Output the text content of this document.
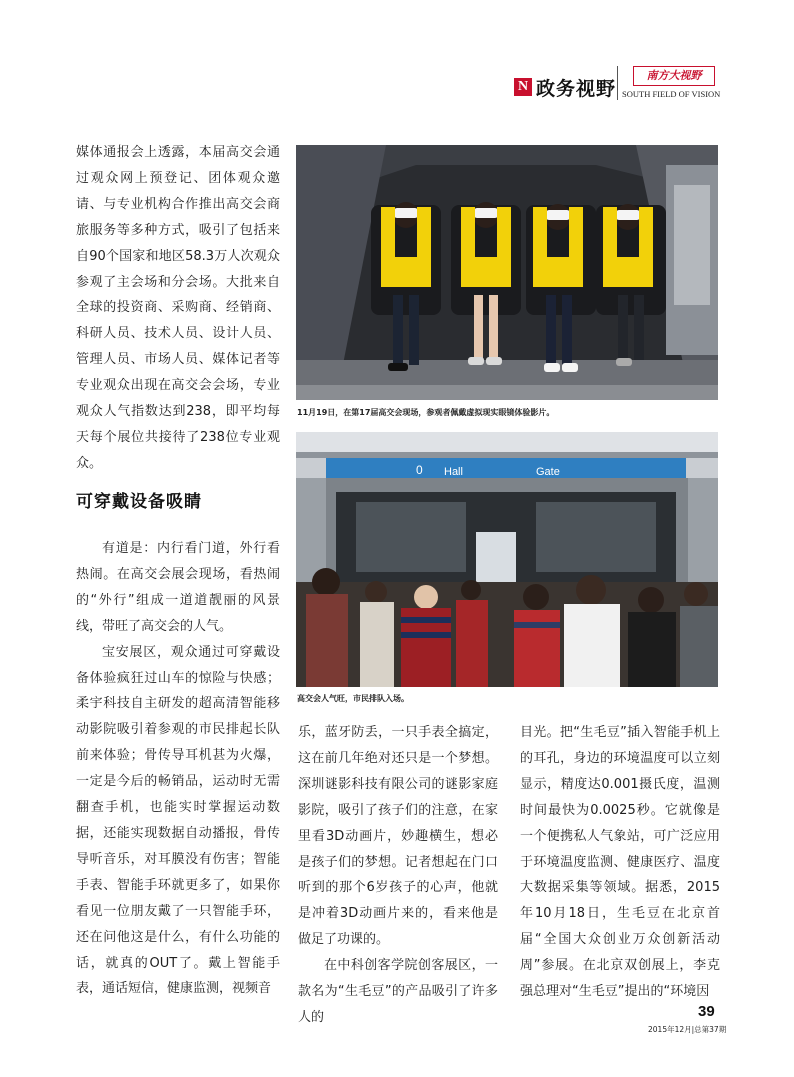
N 政务视野
南方大视野
SOUTH FIELD OF VISION

媒体通报会上透露，本届高交会通过观众网上预登记、团体观众邀请、与专业机构合作推出高交会商旅服务等多种方式，吸引了包括来自90个国家和地区58.3万人次观众参观了主会场和分会场。大批来自全球的投资商、采购商、经销商、科研人员、技术人员、设计人员、管理人员、市场人员、媒体记者等专业观众出现在高交会会场，专业观众人气指数达到238，即平均每天每个展位共接待了238位专业观众。

可穿戴设备吸睛

有道是：内行看门道，外行看热闹。在高交会展会现场，看热闹的“外行”组成一道道靓丽的风景线，带旺了高交会的人气。

宝安展区，观众通过可穿戴设备体验疯狂过山车的惊险与快感；柔宇科技自主研发的超高清智能移动影院吸引着参观的市民排起长队前来体验；骨传导耳机甚为火爆，一定是今后的畅销品，运动时无需翻查手机，也能实时掌握运动数据，还能实现数据自动播报，骨传导听音乐，对耳膜没有伤害；智能手表、智能手环就更多了，如果你看见一位朋友戴了一只智能手环，还在问他这是什么，有什么功能的话，就真的OUT了。戴上智能手表，通话短信，健康监测，视频音

11月19日，在第17届高交会现场，参观者佩戴虚拟现实眼镜体验影片。
0 Hall	Gate
高交会人气旺，市民排队入场。

乐，蓝牙防丢，一只手表全搞定，这在前几年绝对还只是一个梦想。深圳谜影科技有限公司的谜影家庭影院，吸引了孩子们的注意，在家里看3D动画片，妙趣横生，想必是孩子们的梦想。记者想起在门口听到的那个6岁孩子的心声，他就是冲着3D动画片来的，看来他是做足了功课的。

在中科创客学院创客展区，一款名为“生毛豆”的产品吸引了许多人的

目光。把“生毛豆”插入智能手机上的耳孔，身边的环境温度可以立刻显示，精度达0.001摄氏度，温测时间最快为0.0025秒。它就像是一个便携私人气象站，可广泛应用于环境温度监测、健康医疗、温度大数据采集等领域。据悉，2015年10月18日，生毛豆在北京首届“全国大众创业万众创新活动周”参展。在北京双创展上，李克强总理对“生毛豆”提出的“环境因

39
2015年12月|总第37期
